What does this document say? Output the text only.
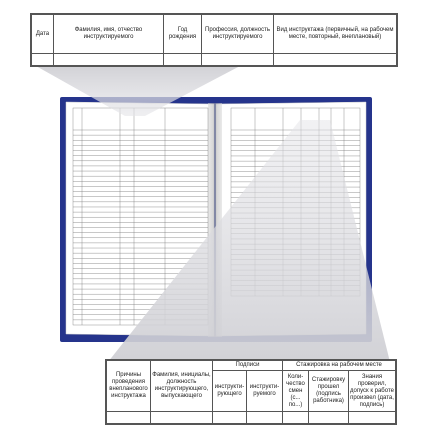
Дата	Фамилия, имя, отчество инструктируемого	Год рождения	Профессия, должность инструктируемого	Вид инструктажа (первичный, на рабочем месте, повторный, внеплановый)

Причины проведения внепланового инструктажа	Фамилия, инициалы, должность инструктирующего, выпускающего	Подписи		Стажировка на рабочем месте		
		инструкти-рующего	инструкти-руемого	Коли-чество смен (с... по...)	Стажировку прошел (подпись работника)	Знания проверил, допуск к работе произвел (дата, подпись)
